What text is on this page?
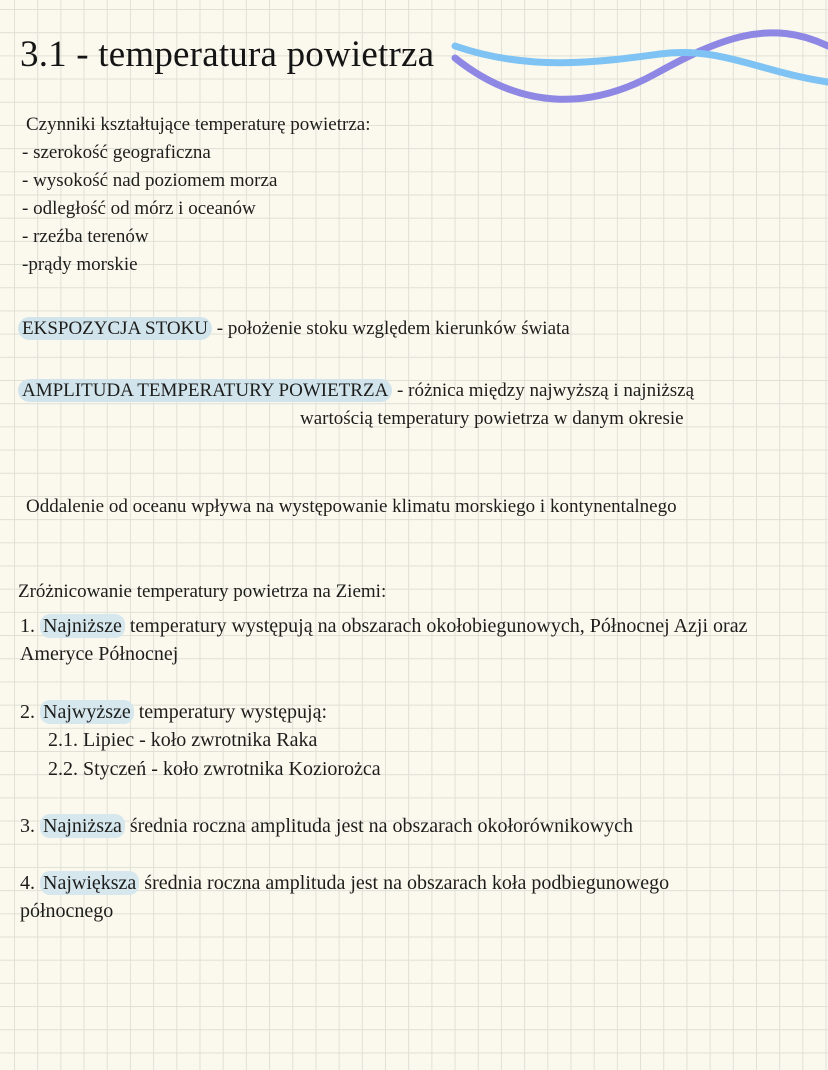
3.1 - temperatura powietrza
Czynniki kształtujące temperaturę powietrza:
- szerokość geograficzna
- wysokość nad poziomem morza
- odległość od mórz i oceanów
- rzeźba terenów
-prądy morskie
EKSPOZYCJA STOKU - położenie stoku względem kierunków świata
AMPLITUDA TEMPERATURY POWIETRZA - różnica między najwyższą i najniższą
wartością temperatury powietrza w danym okresie
Oddalenie od oceanu wpływa na występowanie klimatu morskiego i kontynentalnego
Zróżnicowanie temperatury powietrza na Ziemi:
1. Najniższe temperatury występują na obszarach okołobiegunowych, Północnej Azji oraz
Ameryce Północnej
2. Najwyższe temperatury występują:
2.1. Lipiec - koło zwrotnika Raka
2.2. Styczeń - koło zwrotnika Koziorożca
3. Najniższa średnia roczna amplituda jest na obszarach okołorównikowych
4. Największa średnia roczna amplituda jest na obszarach koła podbiegunowego
północnego
